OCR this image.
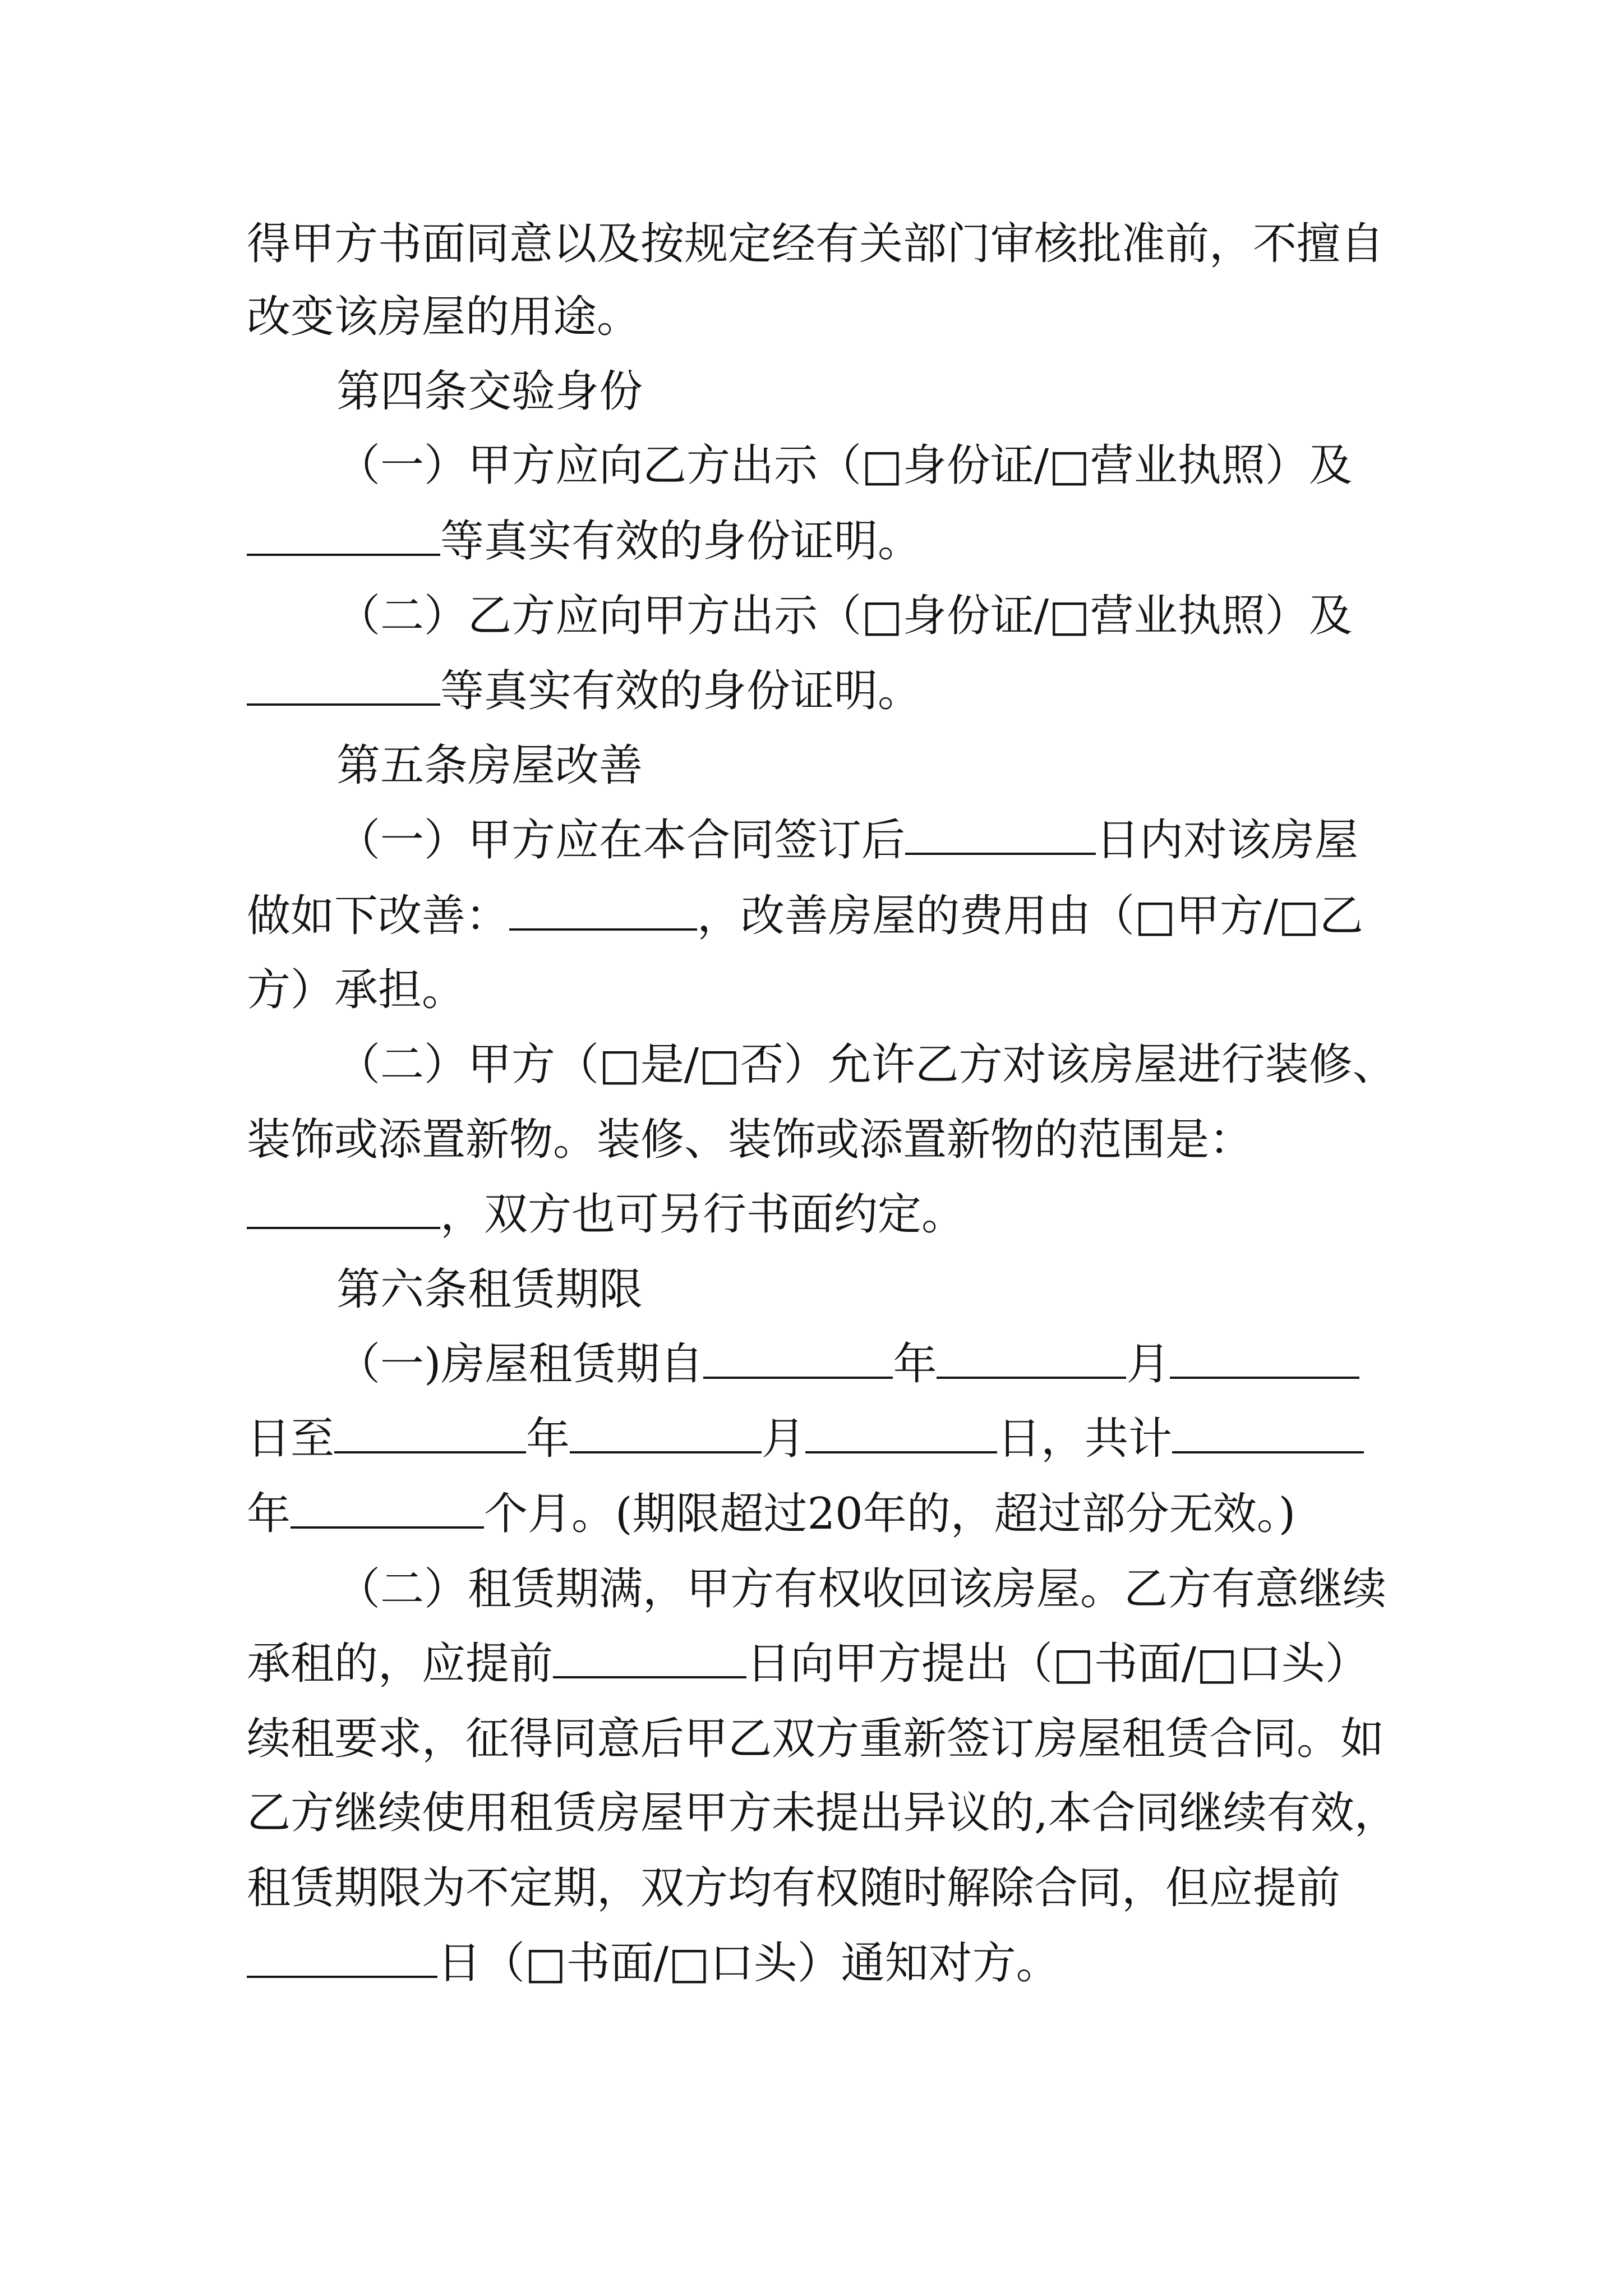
得甲方书面同意以及按规定经有关部门审核批准前，不擅自

改变该房屋的用途。

第四条交验身份

（一）甲方应向乙方出示（□身份证/□营业执照）及

等真实有效的身份证明。

（二）乙方应向甲方出示（□身份证/□营业执照）及

等真实有效的身份证明。

第五条房屋改善

（一）甲方应在本合同签订后	日内对该房屋

做如下改善：	，改善房屋的费用由（□甲方/□乙

方）承担。

（二）甲方（□是/□否）允许乙方对该房屋进行装修、

装饰或添置新物。装修、装饰或添置新物的范围是：

，双方也可另行书面约定。

第六条租赁期限

（一)房屋租赁期自	年	月

日至	年	月	日，共计

年	个月。(期限超过20年的，超过部分无效。)

（二）租赁期满，甲方有权收回该房屋。乙方有意继续

承租的，应提前	日向甲方提出（□书面/□口头）

续租要求，征得同意后甲乙双方重新签订房屋租赁合同。如

乙方继续使用租赁房屋甲方未提出异议的,本合同继续有效，

租赁期限为不定期，双方均有权随时解除合同，但应提前

日（□书面/□口头）通知对方。
